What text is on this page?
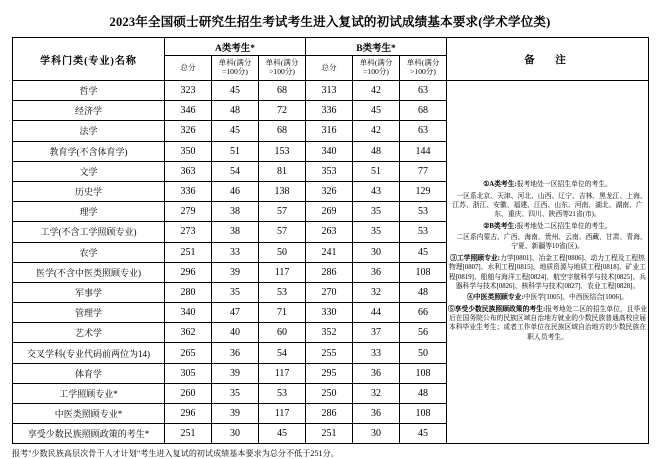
2023年全国硕士研究生招生考试考生进入复试的初试成绩基本要求(学术学位类)
学科门类(专业)名称	A类考生*			B类考生*			备　注
	总分	单科(满分=100分)	单科(满分>100分)	总分	单科(满分=100分)	单科(满分>100分)	
哲学	323	45	68	313	42	63	

①A类考生:报考地处一区招生单位的考生。

一区系北京、天津、河北、山西、辽宁、吉林、黑龙江、上海、江苏、浙江、安徽、福建、江西、山东、河南、湖北、湖南、广东、重庆、四川、陕西等21省(市)。

②B类考生:报考地处二区招生单位的考生。

二区系内蒙古、广西、海南、贵州、云南、西藏、甘肃、青海、宁夏、新疆等10省(区)。

③工学照顾专业:力学[0801]、冶金工程[0806]、动力工程及工程热物理[0807]、水利工程[0815]、地质资源与地质工程[0818]、矿业工程[0819]、船舶与海洋工程[0824]、航空宇航科学与技术[0825]、兵器科学与技术[0826]、核科学与技术[0827]、农业工程[0828]。

④中医类照顾专业:中医学[1005]、中西医结合[1006]。

⑤享受少数民族照顾政策的考生:报考地处二区的招生单位，且毕业后在国务院公布的民族区域自治地方就业的少数民族普通高校应届本科毕业生考生；或者工作单位在民族区域自治地方的少数民族在职人员考生。

经济学	346	48	72	336	45	68	
法学	326	45	68	316	42	63	
教育学(不含体育学)	350	51	153	340	48	144	
文学	363	54	81	353	51	77	
历史学	336	46	138	326	43	129	
理学	279	38	57	269	35	53	
工学(不含工学照顾专业)	273	38	57	263	35	53	
农学	251	33	50	241	30	45	
医学(不含中医类照顾专业)	296	39	117	286	36	108	
军事学	280	35	53	270	32	48	
管理学	340	47	71	330	44	66	
艺术学	362	40	60	352	37	56	
交叉学科(专业代码前两位为14)	265	36	54	255	33	50	
体育学	305	39	117	295	36	108	
工学照顾专业*	260	35	53	250	32	48	
中医类照顾专业*	296	39	117	286	36	108	
享受少数民族照顾政策的考生*	251	30	45	251	30	45	
报考"少数民族高层次骨干人才计划"考生进入复试的初试成绩基本要求为总分不低于251分。
